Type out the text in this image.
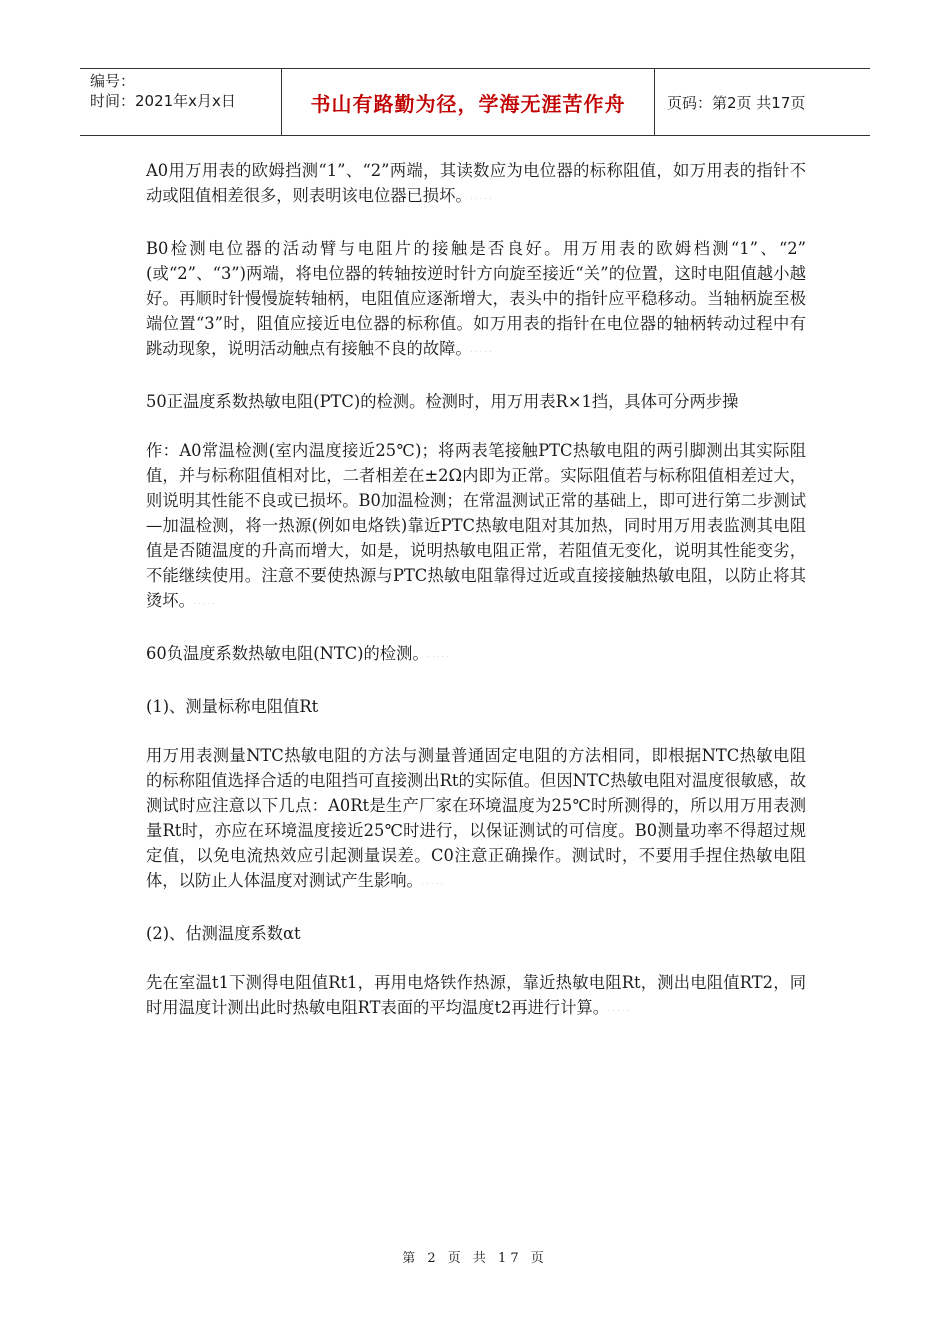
编号：
时间：2021年x月x日	书山有路勤为径，学海无涯苦作舟	页码：第2页 共17页

A0用万用表的欧姆挡测“1”、“2”两端，其读数应为电位器的标称阻值，如万用表的指针不动或阻值相差很多，则表明该电位器已损坏。 ·····

B0检测电位器的活动臂与电阻片的接触是否良好。用万用表的欧姆档测“1”、“2” (或“2”、“3”)两端，将电位器的转轴按逆时针方向旋至接近“关”的位置，这时电阻值越小越好。再顺时针慢慢旋转轴柄，电阻值应逐渐增大，表头中的指针应平稳移动。当轴柄旋至极端位置“3”时，阻值应接近电位器的标称值。如万用表的指针在电位器的轴柄转动过程中有跳动现象，说明活动触点有接触不良的故障。 ·····

50正温度系数热敏电阻(PTC)的检测。检测时，用万用表R×1挡，具体可分两步操

作：A0常温检测(室内温度接近25℃)；将两表笔接触PTC热敏电阻的两引脚测出其实际阻值，并与标称阻值相对比，二者相差在±2Ω内即为正常。实际阻值若与标称阻值相差过大，则说明其性能不良或已损坏。B0加温检测；在常温测试正常的基础上，即可进行第二步测试—加温检测，将一热源(例如电烙铁)靠近PTC热敏电阻对其加热，同时用万用表监测其电阻值是否随温度的升高而增大，如是，说明热敏电阻正常，若阻值无变化，说明其性能变劣，不能继续使用。注意不要使热源与PTC热敏电阻靠得过近或直接接触热敏电阻，以防止将其烫坏。 ·····

60负温度系数热敏电阻(NTC)的检测。 ·····

(1)、测量标称电阻值Rt

用万用表测量NTC热敏电阻的方法与测量普通固定电阻的方法相同，即根据NTC热敏电阻的标称阻值选择合适的电阻挡可直接测出Rt的实际值。但因NTC热敏电阻对温度很敏感，故测试时应注意以下几点：A0Rt是生产厂家在环境温度为25℃时所测得的，所以用万用表测量Rt时，亦应在环境温度接近25℃时进行，以保证测试的可信度。B0测量功率不得超过规定值，以免电流热效应引起测量误差。C0注意正确操作。测试时，不要用手捏住热敏电阻体，以防止人体温度对测试产生影响。 ·····

(2)、估测温度系数αt

先在室温t1下测得电阻值Rt1，再用电烙铁作热源，靠近热敏电阻Rt，测出电阻值RT2，同时用温度计测出此时热敏电阻RT表面的平均温度t2再进行计算。 ·····

第 2 页 共 17 页
